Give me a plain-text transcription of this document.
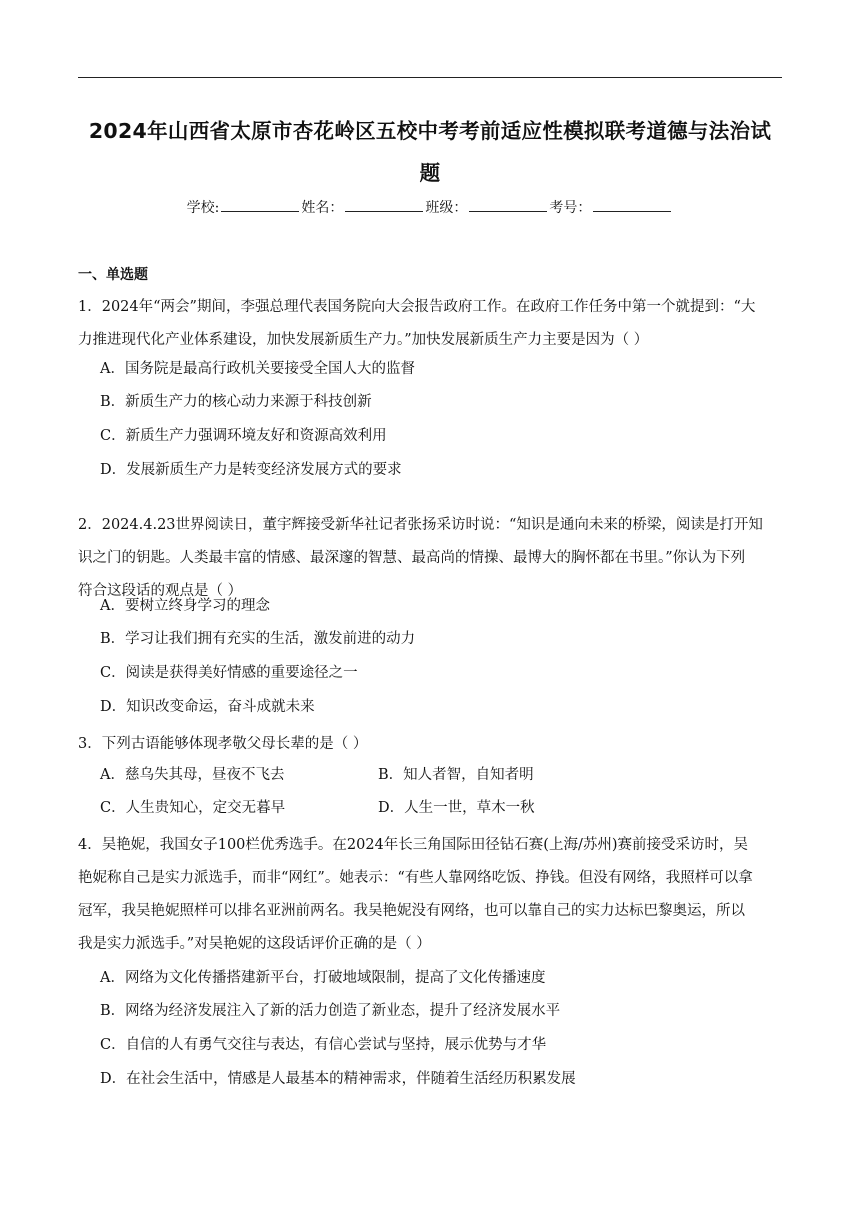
2024年山西省太原市杏花岭区五校中考考前适应性模拟联考道德与法治试
题
学校:	姓名：	班级：	考号：
一、单选题
1．2024年“两会”期间，李强总理代表国务院向大会报告政府工作。在政府工作任务中第一个就提到：“大
力推进现代化产业体系建设，加快发展新质生产力。”加快发展新质生产力主要是因为（ ）
A．国务院是最高行政机关要接受全国人大的监督
B．新质生产力的核心动力来源于科技创新
C．新质生产力强调环境友好和资源高效利用
D．发展新质生产力是转变经济发展方式的要求
2．2024.4.23世界阅读日，董宇辉接受新华社记者张扬采访时说：“知识是通向未来的桥梁，阅读是打开知
识之门的钥匙。人类最丰富的情感、最深邃的智慧、最高尚的情操、最博大的胸怀都在书里。”你认为下列
符合这段话的观点是（ ）
A．要树立终身学习的理念
B．学习让我们拥有充实的生活，激发前进的动力
C．阅读是获得美好情感的重要途径之一
D．知识改变命运，奋斗成就未来
3．下列古语能够体现孝敬父母长辈的是（ ）
A．慈乌失其母，昼夜不飞去	B．知人者智，自知者明
C．人生贵知心，定交无暮早	D．人生一世，草木一秋
4．吴艳妮，我国女子100栏优秀选手。在2024年长三角国际田径钻石赛(上海/苏州)赛前接受采访时，吴
艳妮称自己是实力派选手，而非“网红”。她表示：“有些人靠网络吃饭、挣钱。但没有网络，我照样可以拿
冠军，我吴艳妮照样可以排名亚洲前两名。我吴艳妮没有网络，也可以靠自己的实力达标巴黎奥运，所以
我是实力派选手。”对吴艳妮的这段话评价正确的是（ ）
A．网络为文化传播搭建新平台，打破地域限制，提高了文化传播速度
B．网络为经济发展注入了新的活力创造了新业态，提升了经济发展水平
C．自信的人有勇气交往与表达，有信心尝试与坚持，展示优势与才华
D．在社会生活中，情感是人最基本的精神需求，伴随着生活经历积累发展
